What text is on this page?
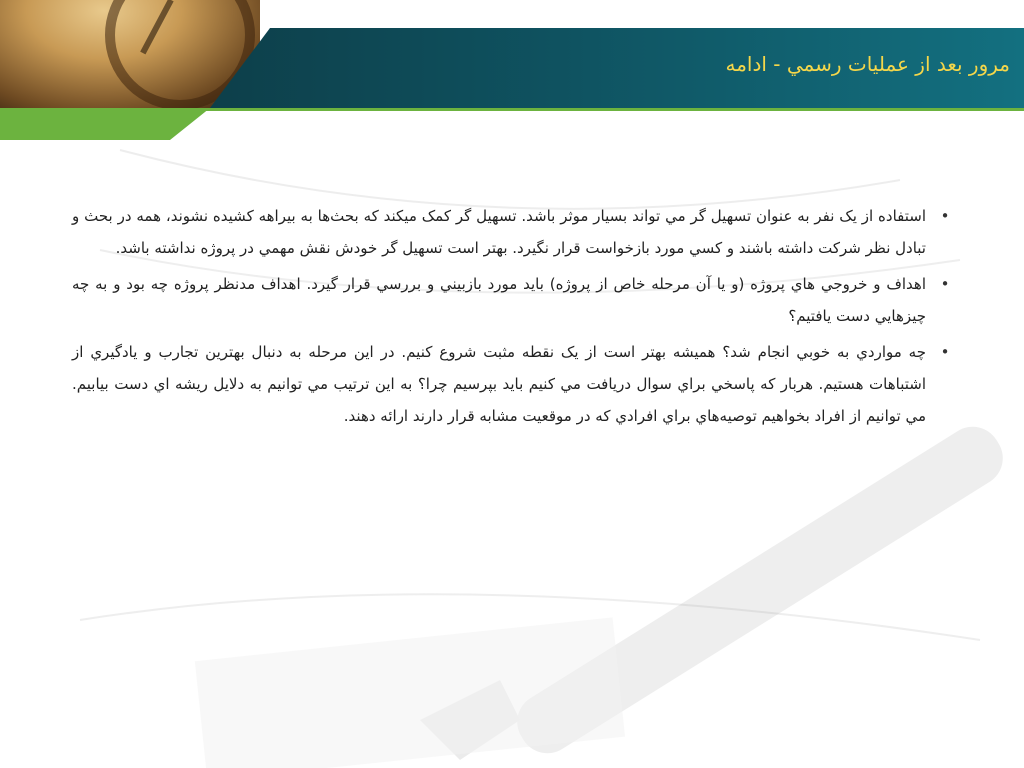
مرور بعد از عمليات رسمي - ادامه
•
استفاده از يک نفر به عنوان تسهيل گر مي تواند بسيار موثر باشد. تسهيل گر کمک ميکند که بحث‌ها به بيراهه کشيده نشوند، همه در بحث و تبادل نظر شرکت داشته باشند و کسي مورد بازخواست قرار نگيرد. بهتر است تسهيل گر خودش نقش مهمي در پروژه نداشته باشد.
•
اهداف و خروجي هاي پروژه (و يا آن مرحله خاص از پروژه) بايد مورد بازبيني و بررسي قرار گيرد. اهداف مدنظر پروژه چه بود و به چه چيزهايي دست يافتيم؟
•
چه مواردي به خوبي انجام شد؟ هميشه بهتر است از يک نقطه مثبت شروع کنيم. در اين مرحله به دنبال بهترين تجارب و يادگيري از اشتباهات هستيم. هربار که پاسخي براي سوال دريافت مي کنيم بايد بپرسيم چرا؟ به اين ترتيب مي توانيم به دلايل ريشه اي دست بيابيم. مي توانيم از افراد بخواهيم توصيه‌هاي براي افرادي که در موقعيت مشابه قرار دارند ارائه دهند.
